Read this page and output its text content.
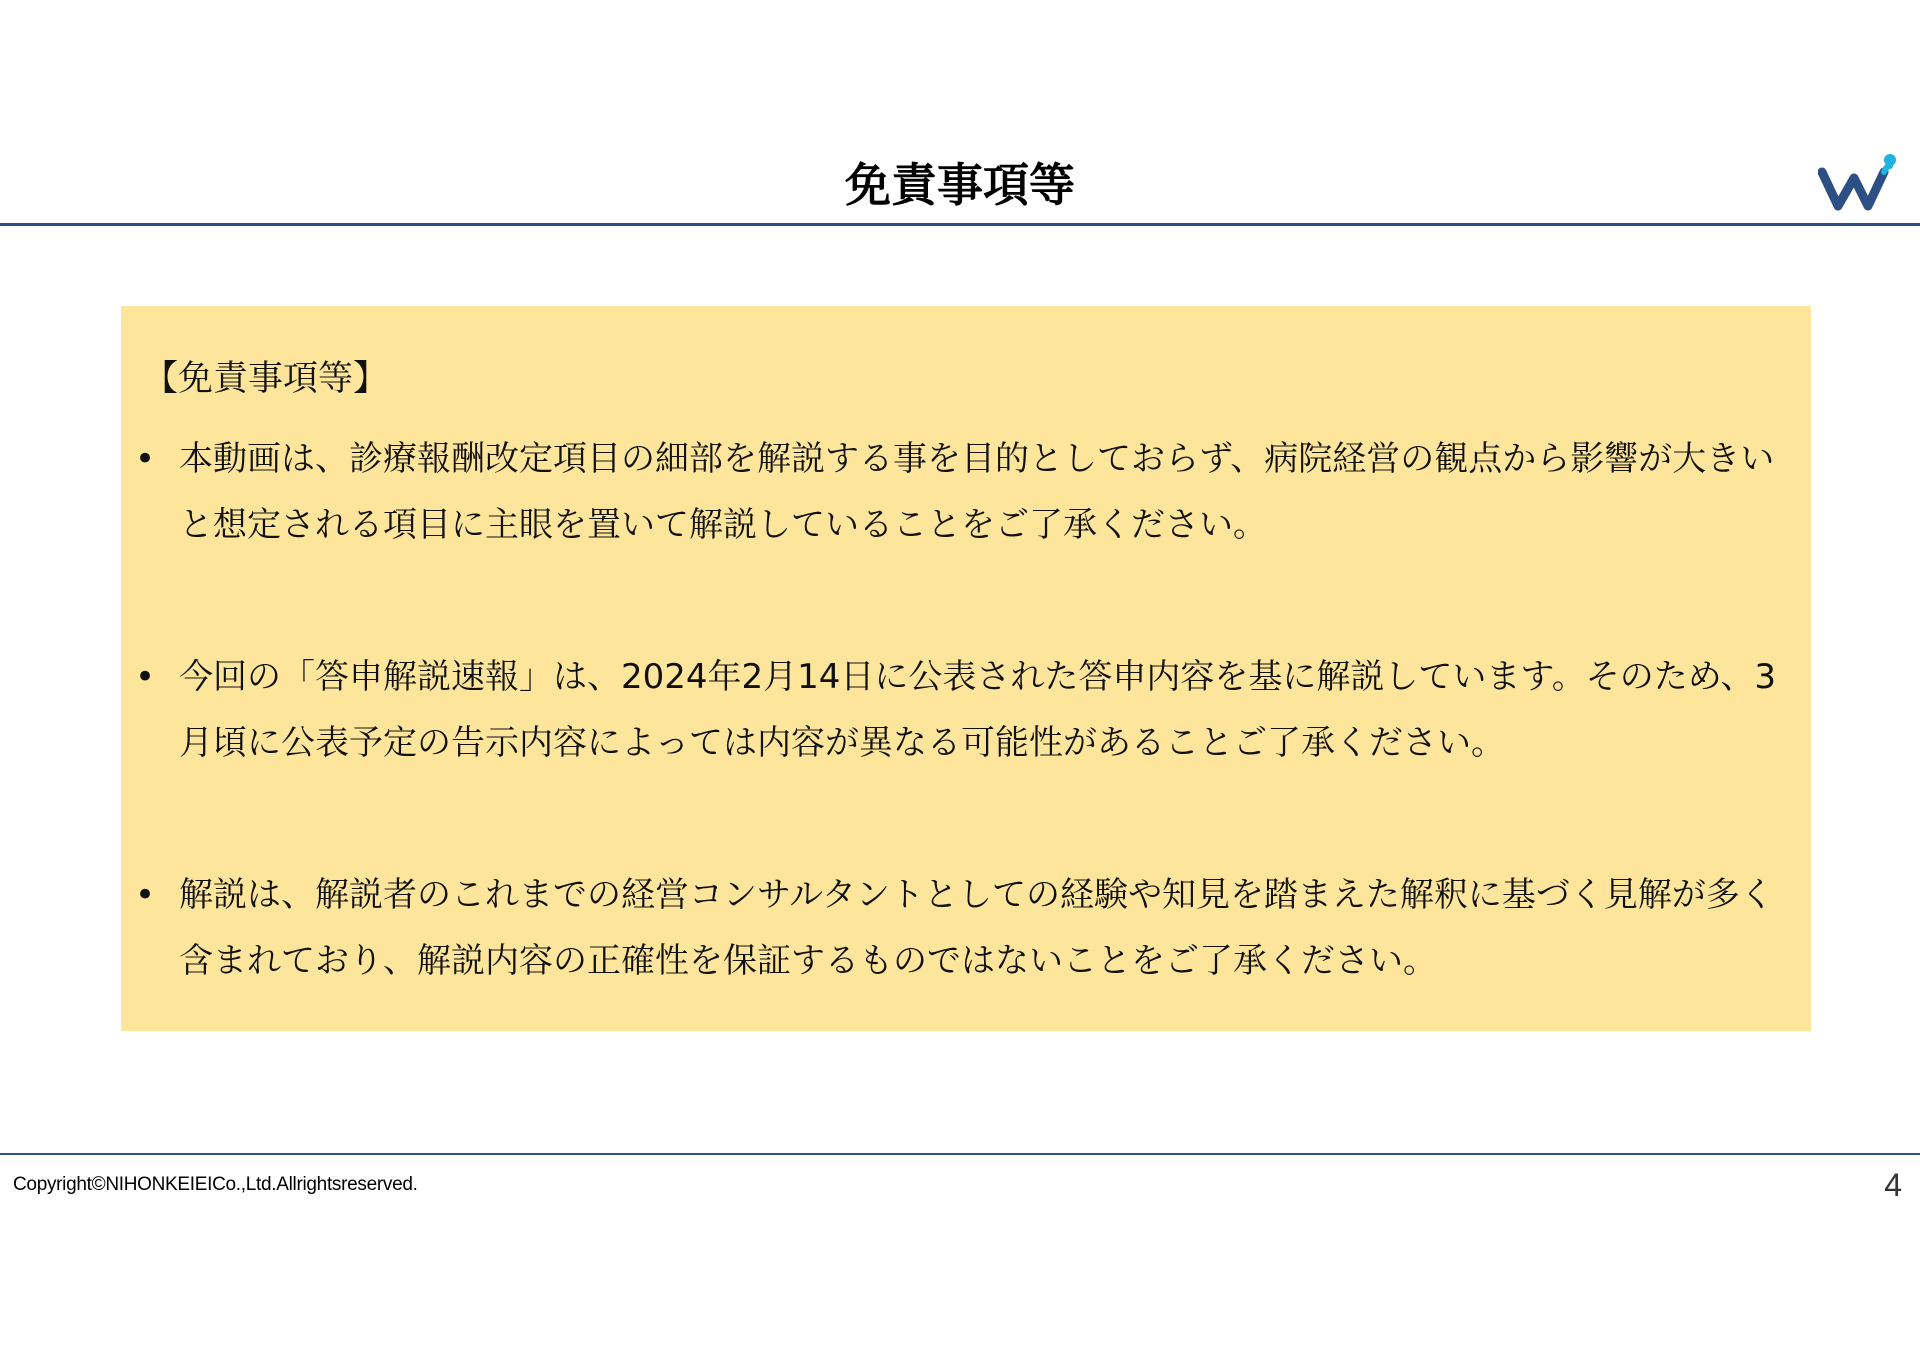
免責事項等
【免責事項等】
• 本動画は、診療報酬改定項目の細部を解説する事を目的としておらず、病院経営の観点から影響が大きいと想定される項目に主眼を置いて解説していることをご了承ください。
• 今回の「答申解説速報」は、2024年2月14日に公表された答申内容を基に解説しています。そのため、3月頃に公表予定の告示内容によっては内容が異なる可能性があることご了承ください。
• 解説は、解説者のこれまでの経営コンサルタントとしての経験や知見を踏まえた解釈に基づく見解が多く含まれており、解説内容の正確性を保証するものではないことをご了承ください。
Copyright©NIHONKEIEICo.,Ltd.Allrightsreserved.	4
